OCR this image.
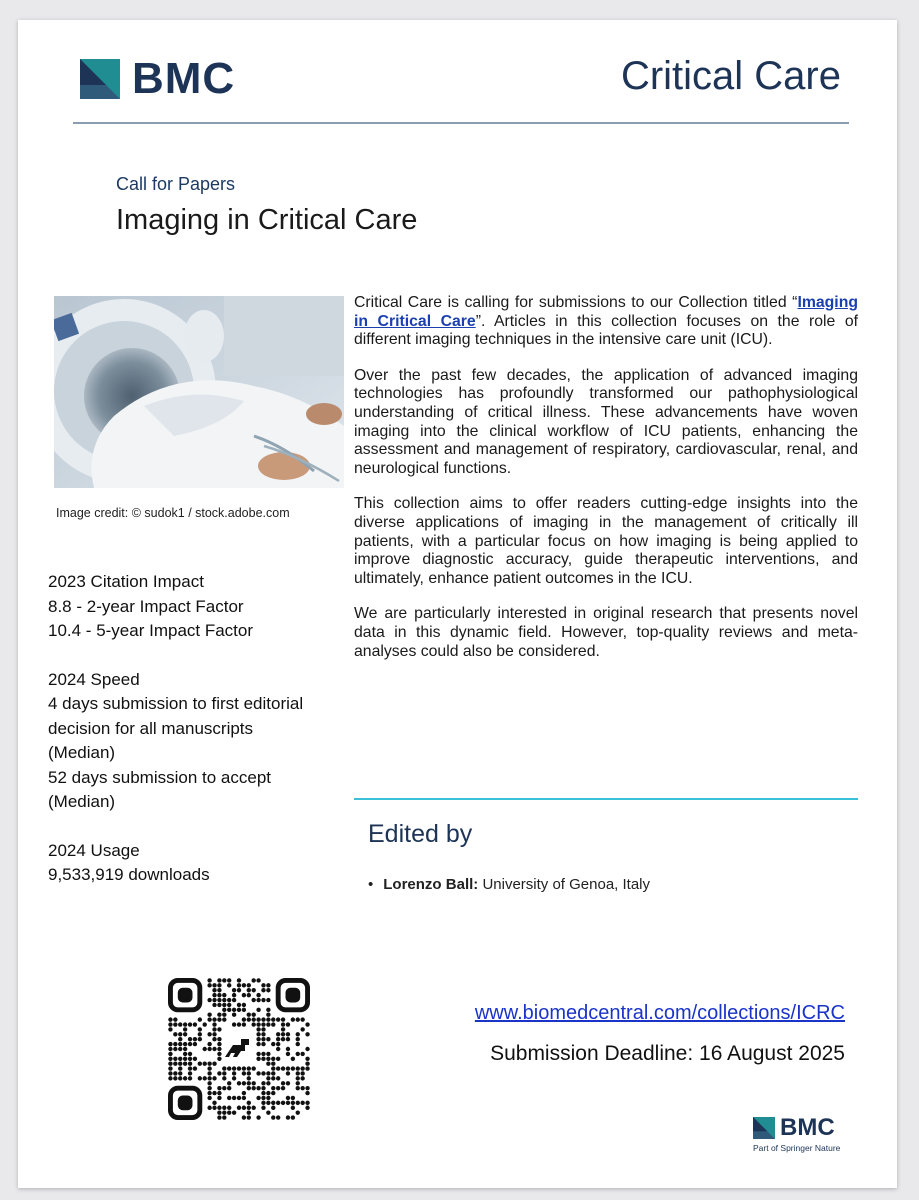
BMC	Critical Care
Call for Papers
Imaging in Critical Care
Image credit: © sudok1 / stock.adobe.com

2023 Citation Impact
8.8 - 2-year Impact Factor
10.4 - 5-year Impact Factor

2024 Speed
4 days submission to first editorial
decision for all manuscripts
(Median)
52 days submission to accept
(Median)

2024 Usage
9,533,919 downloads

Critical Care is calling for submissions to our Collection titled “Imaging in Critical Care”. Articles in this collection focuses on the role of different imaging techniques in the intensive care unit (ICU).

Over the past few decades, the application of advanced imaging technologies has profoundly transformed our pathophysiological understanding of critical illness. These advancements have woven imaging into the clinical workflow of ICU patients, enhancing the assessment and management of respiratory, cardiovascular, renal, and neurological functions.

This collection aims to offer readers cutting-edge insights into the diverse applications of imaging in the management of critically ill patients, with a particular focus on how imaging is being applied to improve diagnostic accuracy, guide therapeutic interventions, and ultimately, enhance patient outcomes in the ICU.

We are particularly interested in original research that presents novel data in this dynamic field. However, top-quality reviews and meta-analyses could also be considered.

Edited by
• Lorenzo Ball: University of Genoa, Italy
www.biomedcentral.com/collections/ICRC
Submission Deadline: 16 August 2025
BMC
Part of Springer Nature
